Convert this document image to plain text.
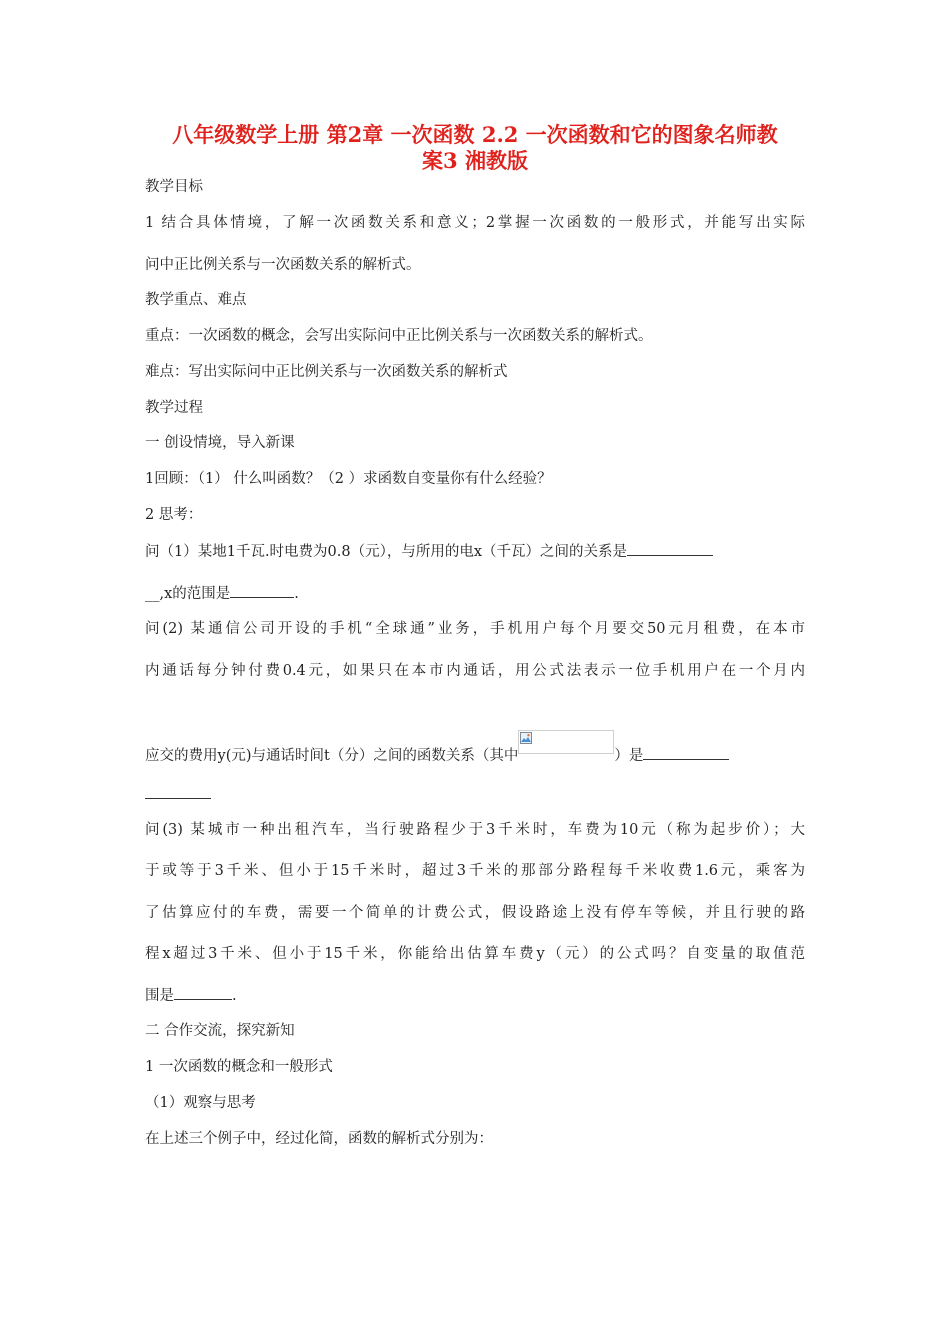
八年级数学上册 第2章 一次函数 2.2 一次函数和它的图象名师教
案3 湘教版
教学目标
1 结合具体情境，了解一次函数关系和意义；2掌握一次函数的一般形式，并能写出实际
问中正比例关系与一次函数关系的解析式。
教学重点、难点
重点：一次函数的概念，会写出实际问中正比例关系与一次函数关系的解析式。
难点：写出实际问中正比例关系与一次函数关系的解析式
教学过程
一 创设情境，导入新课
1回顾：（1） 什么叫函数？（2 ）求函数自变量你有什么经验？
2 思考：
问（1）某地1千瓦.时电费为0.8（元），与所用的电x（千瓦）之间的关系是
__,x的范围是	.
问(2) 某通信公司开设的手机“全球通”业务，手机用户每个月要交50元月租费，在本市
内通话每分钟付费0.4元，如果只在本市内通话，用公式法表示一位手机用户在一个月内
应交的费用y(元)与通话时间t（分）之间的函数关系（其中	）是
问(3) 某城市一种出租汽车，当行驶路程少于3千米时，车费为10元（称为起步价）；大
于或等于3千米、但小于15千米时，超过3千米的那部分路程每千米收费1.6元，乘客为
了估算应付的车费，需要一个简单的计费公式，假设路途上没有停车等候，并且行驶的路
程x超过3千米、但小于15千米，你能给出估算车费y（元）的公式吗？自变量的取值范
围是	.
二 合作交流，探究新知
1 一次函数的概念和一般形式
（1）观察与思考
在上述三个例子中，经过化简，函数的解析式分别为：
